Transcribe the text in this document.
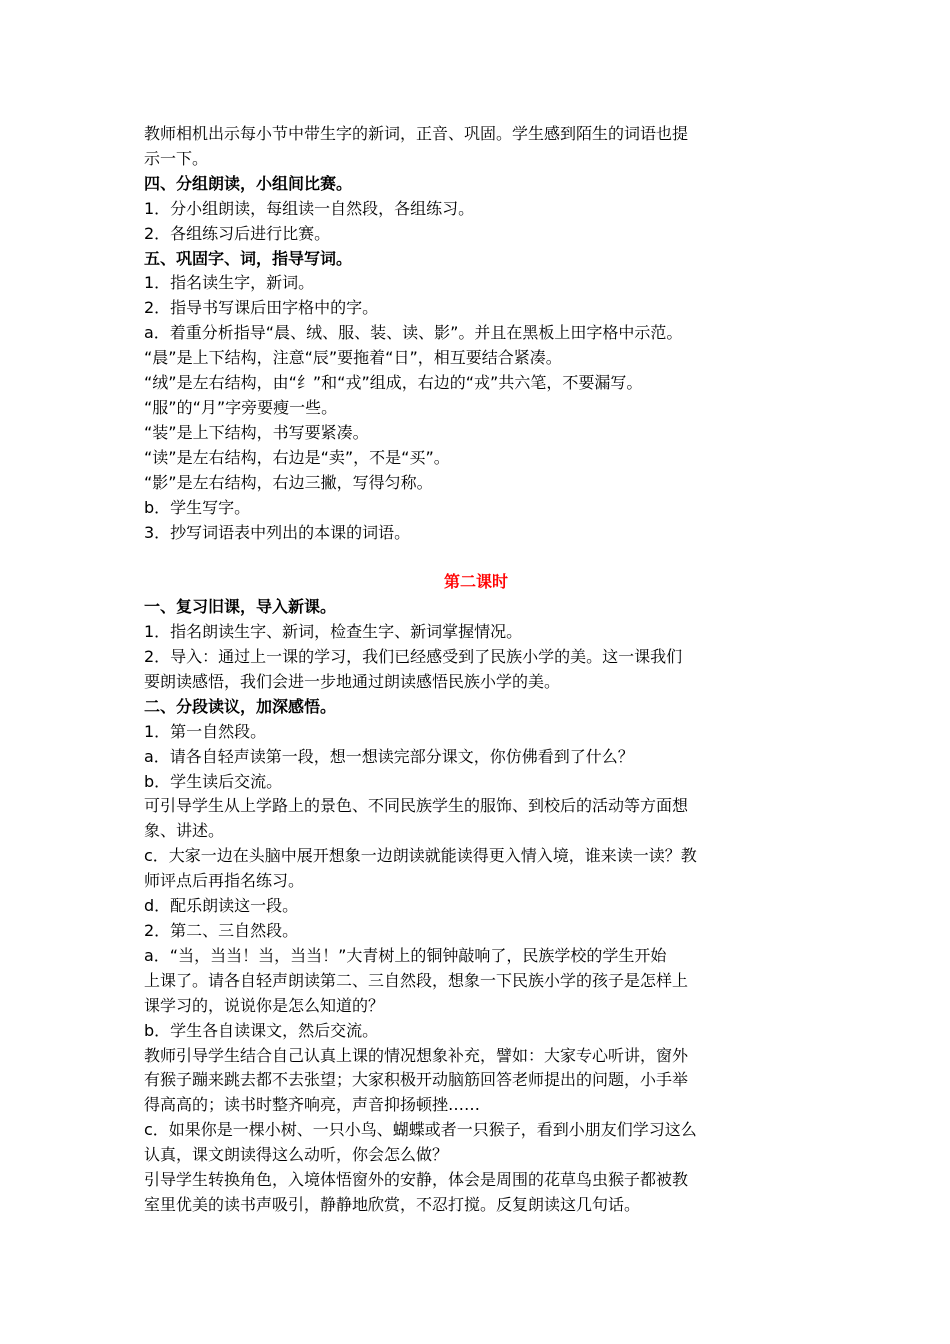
教师相机出示每小节中带生字的新词，正音、巩固。学生感到陌生的词语也提
示一下。
四、分组朗读，小组间比赛。
1．分小组朗读，每组读一自然段，各组练习。
2．各组练习后进行比赛。
五、巩固字、词，指导写词。
1．指名读生字，新词。
2．指导书写课后田字格中的字。
a．着重分析指导“晨、绒、服、装、读、影”。并且在黑板上田字格中示范。
“晨”是上下结构，注意“辰”要拖着“日”，相互要结合紧凑。
“绒”是左右结构，由“纟”和“戎”组成，右边的“戎”共六笔，不要漏写。
“服”的“月”字旁要瘦一些。
“装”是上下结构，书写要紧凑。
“读”是左右结构，右边是“卖”，不是“买”。
“影”是左右结构，右边三撇，写得匀称。
b．学生写字。
3．抄写词语表中列出的本课的词语。
第二课时
一、复习旧课，导入新课。
1．指名朗读生字、新词，检查生字、新词掌握情况。
2．导入：通过上一课的学习，我们已经感受到了民族小学的美。这一课我们
要朗读感悟，我们会进一步地通过朗读感悟民族小学的美。
二、分段读议，加深感悟。
1．第一自然段。
a．请各自轻声读第一段，想一想读完部分课文，你仿佛看到了什么？
b．学生读后交流。
可引导学生从上学路上的景色、不同民族学生的服饰、到校后的活动等方面想
象、讲述。
c．大家一边在头脑中展开想象一边朗读就能读得更入情入境，谁来读一读？教
师评点后再指名练习。
d．配乐朗读这一段。
2．第二、三自然段。
a．“当，当当！当，当当！”大青树上的铜钟敲响了，民族学校的学生开始
上课了。请各自轻声朗读第二、三自然段，想象一下民族小学的孩子是怎样上
课学习的，说说你是怎么知道的？
b．学生各自读课文，然后交流。
教师引导学生结合自己认真上课的情况想象补充，譬如：大家专心听讲，窗外
有猴子蹦来跳去都不去张望；大家积极开动脑筋回答老师提出的问题，小手举
得高高的；读书时整齐响亮，声音抑扬顿挫……
c．如果你是一棵小树、一只小鸟、蝴蝶或者一只猴子，看到小朋友们学习这么
认真，课文朗读得这么动听，你会怎么做？
引导学生转换角色，入境体悟窗外的安静，体会是周围的花草鸟虫猴子都被教
室里优美的读书声吸引，静静地欣赏，不忍打搅。反复朗读这几句话。
